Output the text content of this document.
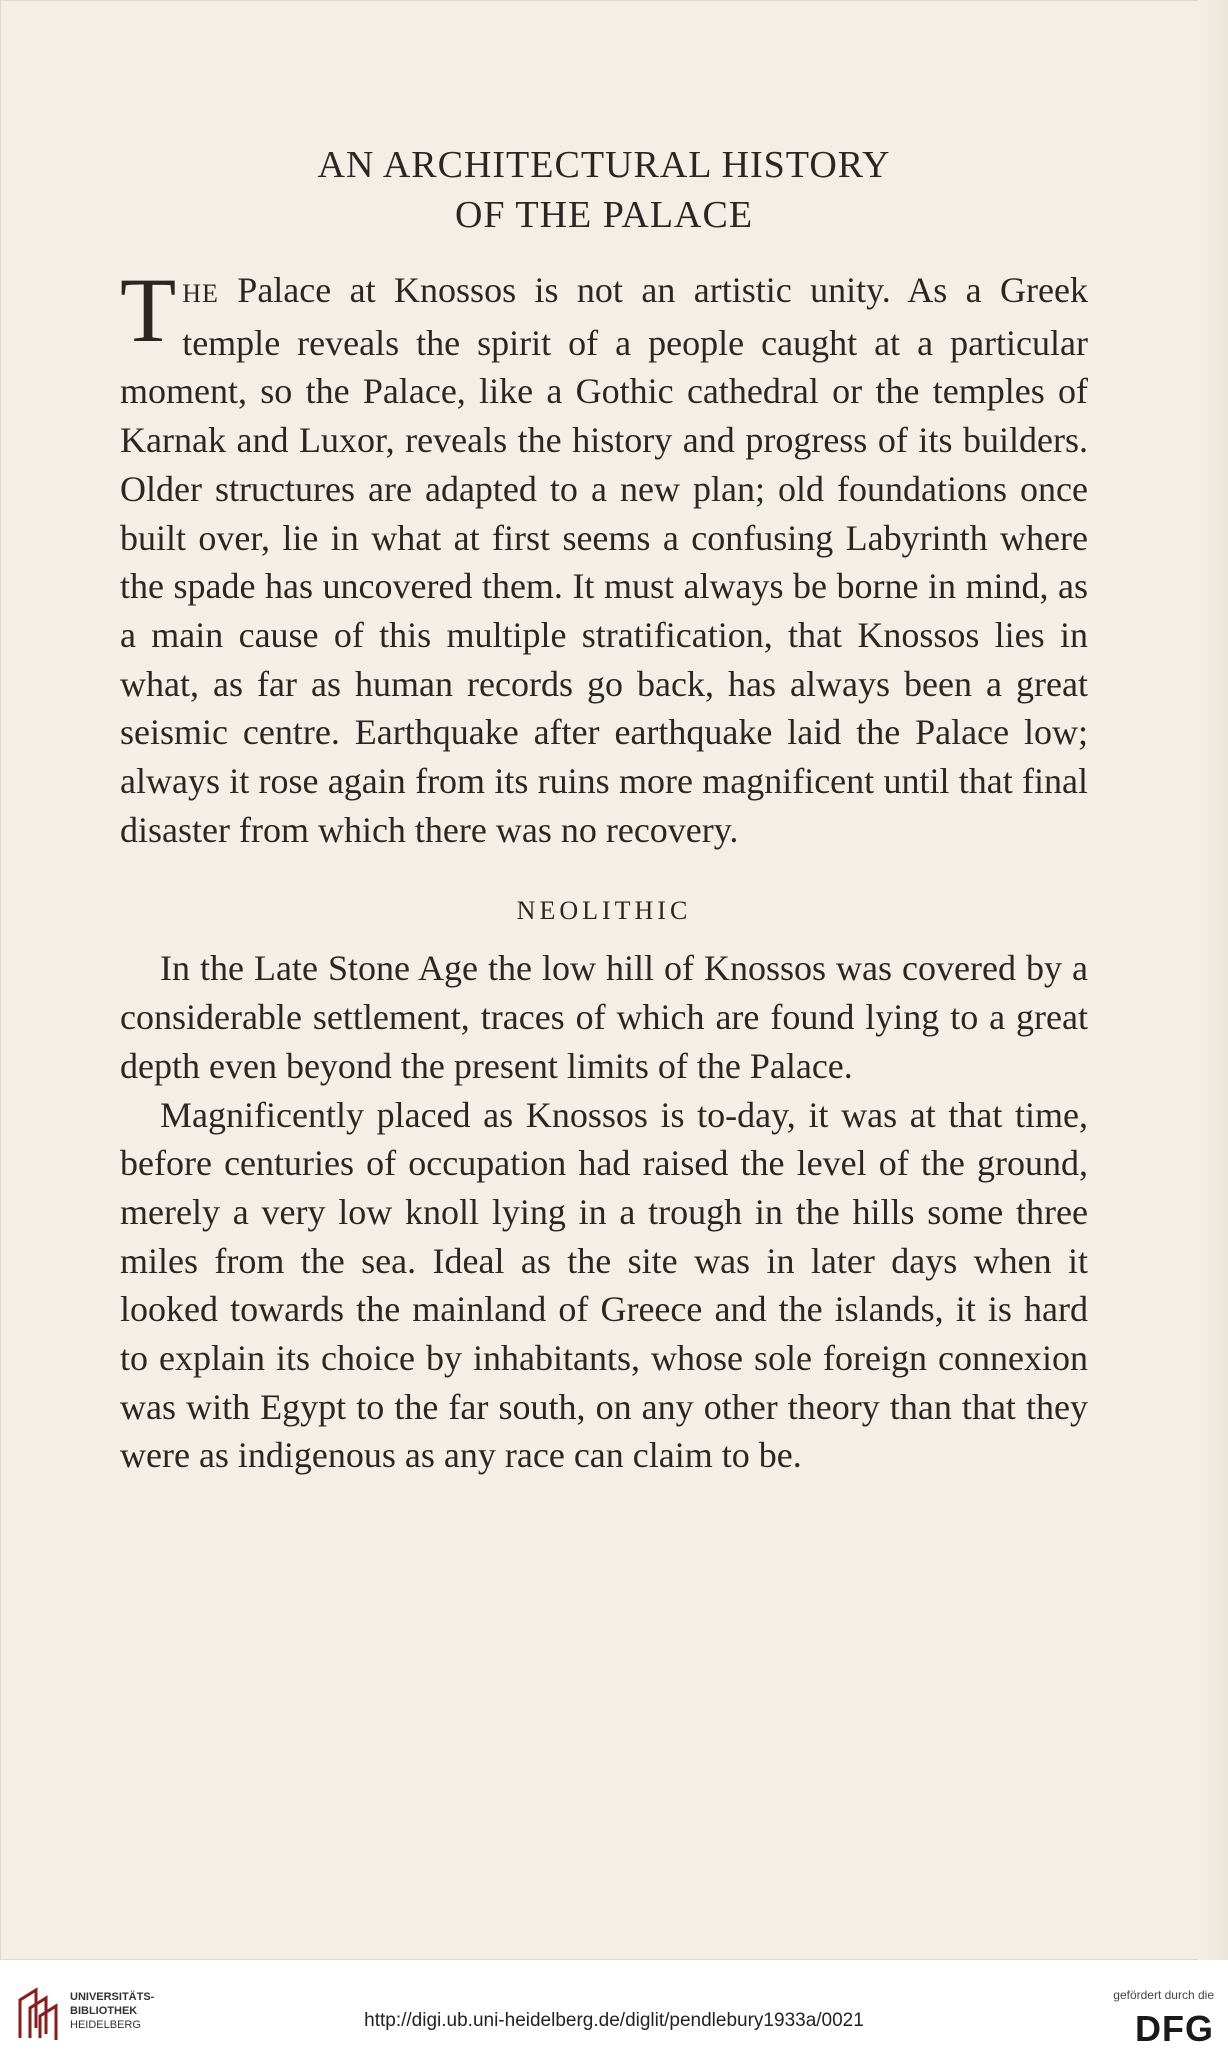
AN ARCHITECTURAL HISTORY
OF THE PALACE

THE Palace at Knossos is not an artistic unity. As a Greek temple reveals the spirit of a people caught at a particular moment, so the Palace, like a Gothic cathedral or the temples of Karnak and Luxor, reveals the history and progress of its builders. Older structures are adapted to a new plan; old foundations once built over, lie in what at first seems a confusing Labyrinth where the spade has uncovered them. It must always be borne in mind, as a main cause of this multiple stratification, that Knossos lies in what, as far as human records go back, has always been a great seismic centre. Earthquake after earthquake laid the Palace low; always it rose again from its ruins more magnificent until that final disaster from which there was no recovery.

NEOLITHIC

In the Late Stone Age the low hill of Knossos was covered by a considerable settlement, traces of which are found lying to a great depth even beyond the present limits of the Palace.

Magnificently placed as Knossos is to-day, it was at that time, before centuries of occupation had raised the level of the ground, merely a very low knoll lying in a trough in the hills some three miles from the sea. Ideal as the site was in later days when it looked towards the mainland of Greece and the islands, it is hard to explain its choice by inhabitants, whose sole foreign connexion was with Egypt to the far south, on any other theory than that they were as indigenous as any race can claim to be.

UNIVERSITÄTS-
BIBLIOTHEK
HEIDELBERG	http://digi.ub.uni-heidelberg.de/diglit/pendlebury1933a/0021
gefördert durch die
DFG
